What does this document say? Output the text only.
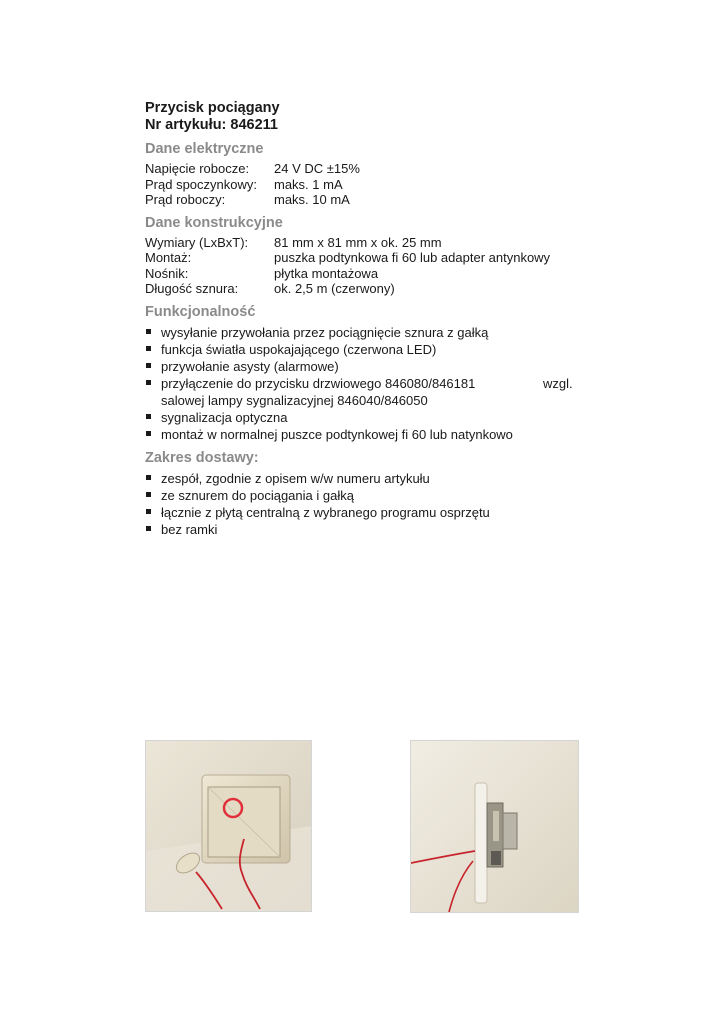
Przycisk pociągany
Nr artykułu: 846211
Dane elektryczne
Napięcie robocze:	24 V DC ±15%
Prąd spoczynkowy:	maks. 1 mA
Prąd roboczy:	maks. 10 mA
Dane konstrukcyjne
Wymiary (LxBxT):	81 mm x 81 mm x ok. 25 mm
Montaż:	puszka podtynkowa fi 60 lub adapter antynkowy
Nośnik:	płytka montażowa
Długość sznura:	ok. 2,5 m (czerwony)
Funkcjonalność
wysyłanie przywołania przez pociągnięcie sznura z gałką
funkcja światła uspokajającego (czerwona LED)
przywołanie asysty (alarmowe)
przyłączenie do przycisku drzwiowego 846080/846181	wzgl.
salowej lampy sygnalizacyjnej 846040/846050
sygnalizacja optyczna
montaż w normalnej puszce podtynkowej fi 60 lub natynkowo
Zakres dostawy:
zespół, zgodnie z opisem w/w numeru artykułu
ze sznurem do pociągania i gałką
łącznie z płytą centralną z wybranego programu osprzętu
bez ramki
